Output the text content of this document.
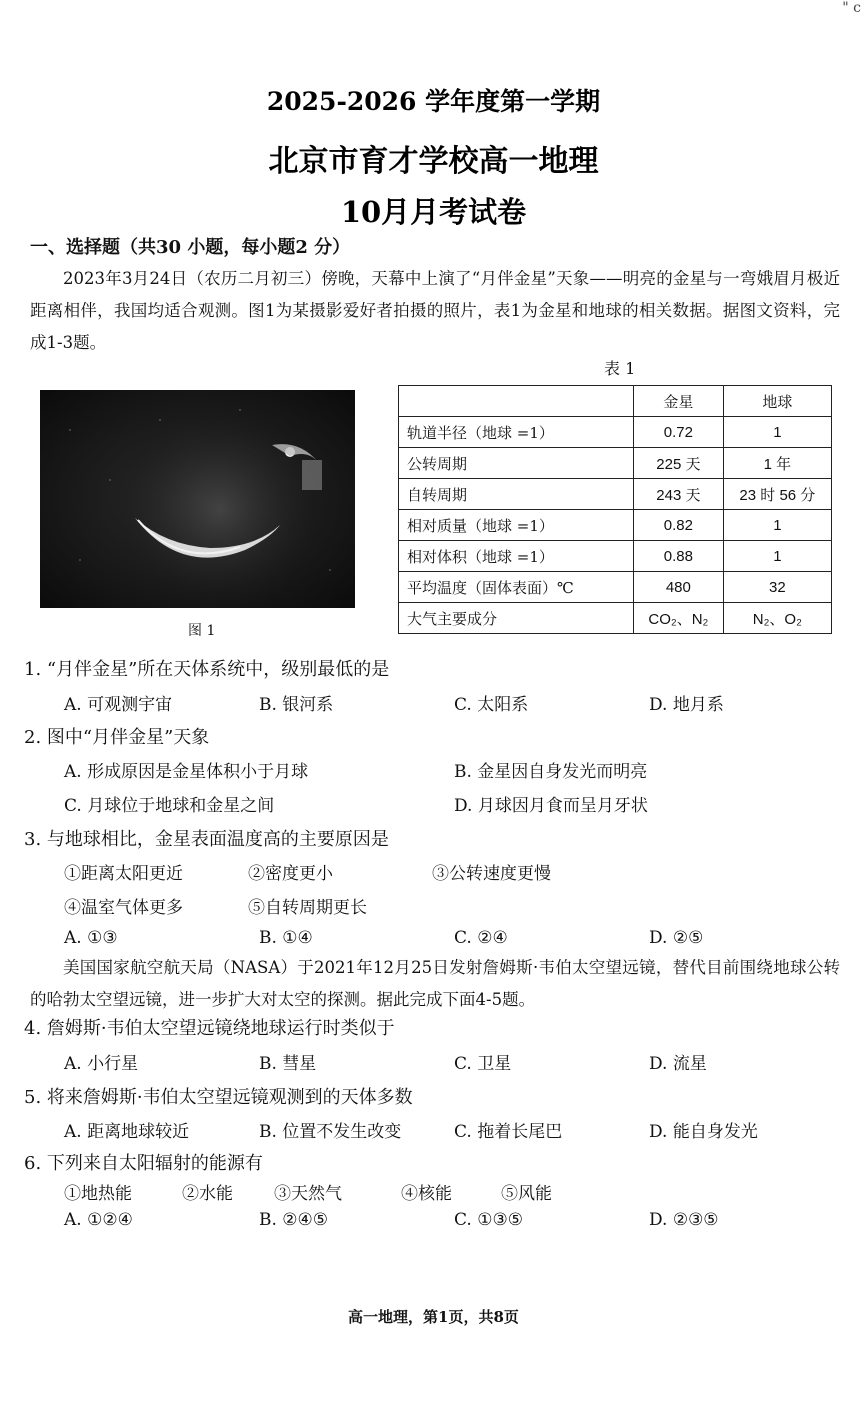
" c
2025-2026 学年度第一学期
北京市育才学校高一地理
10月月考试卷
一、选择题（共30 小题，每小题2 分）
2023年3月24日（农历二月初三）傍晚，天幕中上演了“月伴金星”天象——明亮的金星与一弯娥眉月极近距离相伴，我国均适合观测。图1为某摄影爱好者拍摄的照片，表1为金星和地球的相关数据。据图文资料，完成1-3题。
图 1
表 1
	金星	地球
轨道半径（地球 =1）	0.72	1
公转周期	225 天	1 年
自转周期	243 天	23 时 56 分
相对质量（地球 =1）	0.82	1
相对体积（地球 =1）	0.88	1
平均温度（固体表面）℃	480	32
大气主要成分	CO₂、N₂	N₂、O₂
1. “月伴金星”所在天体系统中，级别最低的是
A. 可观测宇宙	B. 银河系	C. 太阳系	D. 地月系
2. 图中“月伴金星”天象
A. 形成原因是金星体积小于月球	B. 金星因自身发光而明亮
C. 月球位于地球和金星之间	D. 月球因月食而呈月牙状
3. 与地球相比，金星表面温度高的主要原因是
①距离太阳更近	②密度更小	③公转速度更慢
④温室气体更多	⑤自转周期更长
A. ①③	B. ①④	C. ②④	D. ②⑤
美国国家航空航天局（NASA）于2021年12月25日发射詹姆斯·韦伯太空望远镜，替代目前围绕地球公转的哈勃太空望远镜，进一步扩大对太空的探测。据此完成下面4-5题。
4. 詹姆斯·韦伯太空望远镜绕地球运行时类似于
A. 小行星	B. 彗星	C. 卫星	D. 流星
5. 将来詹姆斯·韦伯太空望远镜观测到的天体多数
A. 距离地球较近	B. 位置不发生改变	C. 拖着长尾巴	D. 能自身发光
6. 下列来自太阳辐射的能源有
①地热能	②水能	③天然气	④核能	⑤风能
A. ①②④	B. ②④⑤	C. ①③⑤	D. ②③⑤
高一地理，第1页，共8页
